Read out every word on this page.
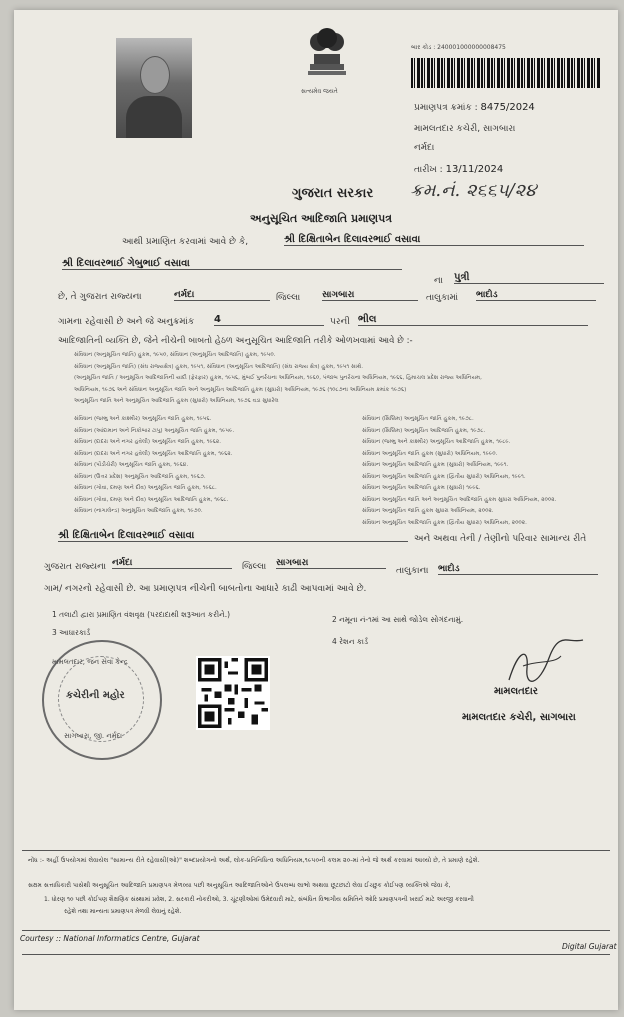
સત્યમેવ જયતે
બાર કોડ : 240001000000008475
પ્રમાણપત્ર ક્રમાંક : 8475/2024
મામલતદાર કચેરી, સાગબારા
નર્મદા
તારીખ : 13/11/2024
ગુજરાત સરકાર ક્રમ.નં. ૨૬૬૫/૨૪
અનુસૂચિત આદિજાતિ પ્રમાણપત્ર
આથી પ્રમાણિત કરવામાં આવે છે કે,	શ્રી દિક્ષિતાબેન દિલાવરભાઈ વસાવા
શ્રી દિલાવરભાઈ ગેબુભાઈ વસાવા
ના પુત્રી
છે, તે ગુજરાત રાજ્યના	નર્મદા	જિલ્લા સાગબારા	તાલુકામાં ભાદોડ
ગામના રહેવાસી છે અને જે અનુક્રમાંક 4	પરની ભીલ
આદિજાતિની વ્યક્તિ છે, જેને નીચેની બાબતો હેઠળ અનુસૂચિત આદિજાતિ તરીકે ઓળખવામાં આવે છે :-
સંવિધાન (અનુસૂચિત જાતિ) હુકમ, ૧૯૫૦, સંવિધાન (અનુસૂચિત આદિજાતિ) હુકમ, ૧૯૫૦.
સંવિધાન (અનુસૂચિત જાતિ) (સંઘ રાજ્યક્ષેત્ર) હુકમ, ૧૯૫૧, સંવિધાન (અનુસૂચિત આદિજાતિ) (સંઘ રાજ્ય ક્ષેત્ર) હુકમ, ૧૯૫૧ સાથે.
(અનુસૂચિત જાતિ / અનુસૂચિત આદિજાતિની યાદી (ફેરફાર) હુકમ, ૧૯૫૬, મુંબઈ પુનર્રચના અધિનિયમ, ૧૯૬૦, પંજાબ પુનર્રચના અધિનિયમ, ૧૯૬૬, હિમાચલ પ્રદેશ રાજ્ય અધિનિયમ,
અધિનિયમ, ૧૯૭૬ અને સંવિધાન અનુસૂચિત જાતિ અને અનુસૂચિત આદિજાતિ હુકમ (સુધારો) અધિનિયમ, ૧૯૭૬ (૧૦૮૭ના અધિનિયમ ક્રમાંક ૧૯૭૬)
અનુસૂચિત જાતિ અને અનુસૂચિત આદિજાતિ હુકમ (સુધારો) અધિનિયમ, ૧૯૭૬ વડા સુધારેલ
સંવિધાન (જમ્મુ અને કાશ્મીર) અનુસૂચિત જાતિ હુકમ, ૧૯૫૬.
સંવિધાન (આંદામાન અને નિકોબાર ટાપુ) અનુસૂચિત જાતિ હુકમ, ૧૯૫૯.
સંવિધાન (દાદરા અને નગર હવેલી) અનુસૂચિત જાતિ હુકમ, ૧૯૬૨.
સંવિધાન (દાદરા અને નગર હવેલી) અનુસૂચિત આદિજાતિ હુકમ, ૧૯૬૨.
સંવિધાન (પોંડીચેરી) અનુસૂચિત જાતિ હુકમ, ૧૯૬૪.
સંવિધાન (ઉત્તર પ્રદેશ) અનુસૂચિત આદિજાતિ હુકમ, ૧૯૬૭.
સંવિધાન (ગોવા, દમણ અને દીવ) અનુસૂચિત જાતિ હુકમ, ૧૯૬૮.
સંવિધાન (ગોવા, દમણ અને દીવ) અનુસૂચિત આદિજાતિ હુકમ, ૧૯૬૮.
સંવિધાન (નાગાલેન્ડ) અનુસૂચિત આદિજાતિ હુકમ, ૧૯૭૦.
સંવિધાન (સિક્કિમ) અનુસૂચિત જાતિ હુકમ, ૧૯૭૮.
સંવિધાન (સિક્કિમ) અનુસૂચિત આદિજાતિ હુકમ, ૧૯૭૮.
સંવિધાન (જમ્મુ અને કાશ્મીર) અનુસૂચિત આદિજાતિ હુકમ, ૧૯૮૯.
સંવિધાન અનુસૂચિત જાતિ હુકમ (સુધારો) અધિનિયમ, ૧૯૯૦.
સંવિધાન અનુસૂચિત આદિજાતિ હુકમ (સુધારો) અધિનિયમ, ૧૯૯૧.
સંવિધાન અનુસૂચિત આદિજાતિ હુકમ (દ્વિતીય સુધારો) અધિનિયમ, ૧૯૯૧.
સંવિધાન અનુસૂચિત આદિજાતિ હુકમ (સુધારો) ૧૯૯૬.
સંવિધાન અનુસૂચિત જાતિ અને અનુસૂચિત આદિજાતિ હુકમ સુધારા અધિનિયમ, ૨૦૦૨.
સંવિધાન અનુસૂચિત જાતિ હુકમ સુધારા અધિનિયમ, ૨૦૦૨.
સંવિધાન અનુસૂચિત આદિજાતિ હુકમ (દ્વિતીય સુધારા) અધિનિયમ, ૨૦૦૨.
શ્રી દિક્ષિતાબેન દિલાવરભાઈ વસાવા	અને અથવા તેની / તેણીનો પરિવાર સામાન્ય રીતે
ગુજરાત રાજ્યના નર્મદા	જિલ્લા સાગબારા
તાલુકાના ભાદોડ
ગામ/ નગરનો રહેવાસી છે. આ પ્રમાણપત્ર નીચેની બાબતોના આધારે કાઢી આપવામાં આવે છે.
1 તલાટી દ્વારા પ્રમાણિત વંશવૃક્ષ (પરદાદાથી શરૂઆત કરીને.)
2 નમૂના નં-૧માં આ સાથે જોડેલ સોગંદનામું.
3 આધારકાર્ડ
4 રેશન કાર્ડ
મામલતદાર, જન સેવા કેન્દ્ર
કચેરીની મહોર
સાગબારા, જી. નર્મદા
મામલતદાર
મામલતદાર કચેરી, સાગબારા
નોંધ :- અહીં ઉપયોગમાં લેવાયેલ "સામાન્ય રીતે રહેવાસી(ઓ)" શબ્દપ્રયોગનો અર્થ, લોક-પ્રતિનિધિત્વ અધિનિયમ,૧૯૫૦ની કલમ ૨૦-માં તેનો જે અર્થ કરવામાં આવ્યો છે, તે પ્રમાણે રહેશે.
સક્ષમ સત્તાધિકારી પાસેથી અનુસૂચિત આદિજાતિ પ્રમાણપત્ર મેળવ્યા પછી અનુસૂચિત આદિજાતિઓને ઉપલબ્ધ લાભો અથવા છૂટછાટો લેવા ઈચ્છુક કોઈપણ વ્યક્તિએ જેવા કે,
1. ધોરણ ૧૦ પછી કોઈપણ શૈક્ષણિક સંસ્થામાં પ્રવેશ, 2. સરકારી નોકરીઓ, 3. ચૂંટણીઓમાં ઉમેદવારી માટે, સંબંધિત વિભાગીય સમિતિને ઓરિ પ્રમાણપત્રની ખરાઈ માટે અરજી કરવાની
રહેશે તથા માન્યતા પ્રમાણપત્ર મેળવી લેવાનું રહેશે.
Courtesy :: National Informatics Centre, Gujarat
Digital Gujarat
